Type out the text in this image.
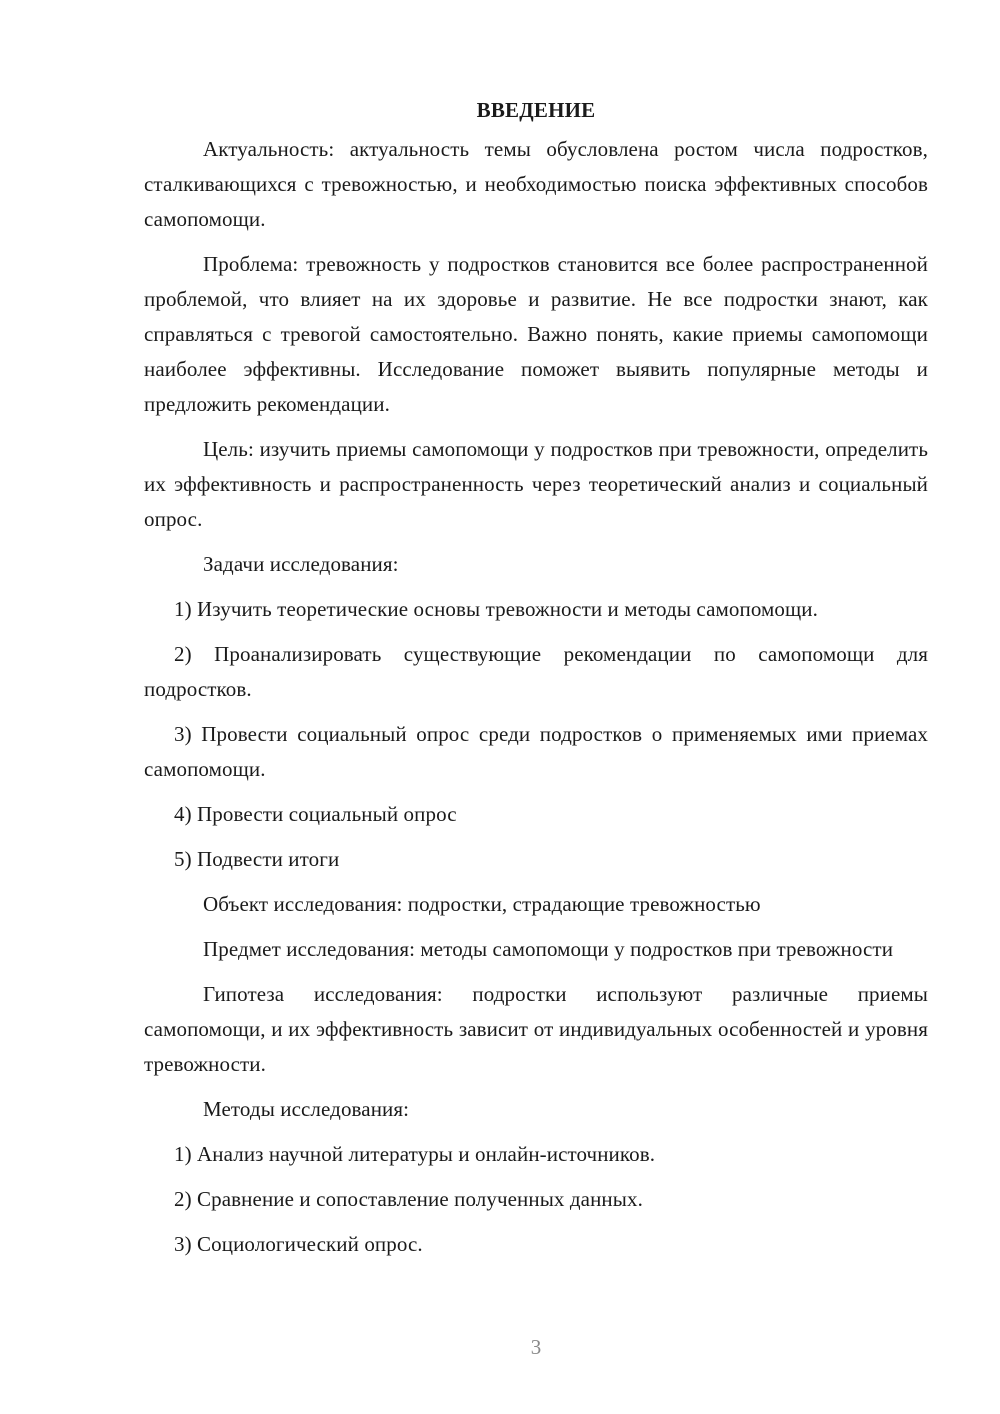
ВВЕДЕНИЕ

Актуальность: актуальность темы обусловлена ростом числа подростков, сталкивающихся с тревожностью, и необходимостью поиска эффективных способов самопомощи.

Проблема: тревожность у подростков становится все более распространенной проблемой, что влияет на их здоровье и развитие. Не все подростки знают, как справляться с тревогой самостоятельно. Важно понять, какие приемы самопомощи наиболее эффективны. Исследование поможет выявить популярные методы и предложить рекомендации.

Цель: изучить приемы самопомощи у подростков при тревожности, определить их эффективность и распространенность через теоретический анализ и социальный опрос.

Задачи исследования:

1) Изучить теоретические основы тревожности и методы самопомощи.

2) Проанализировать существующие рекомендации по самопомощи для подростков.

3) Провести социальный опрос среди подростков о применяемых ими приемах самопомощи.

4) Провести социальный опрос

5) Подвести итоги

Объект исследования: подростки, страдающие тревожностью

Предмет исследования: методы самопомощи у подростков при тревожности

Гипотеза исследования: подростки используют различные приемы самопомощи, и их эффективность зависит от индивидуальных особенностей и уровня тревожности.

Методы исследования:

1) Анализ научной литературы и онлайн-источников.

2) Сравнение и сопоставление полученных данных.

3) Социологический опрос.

3
